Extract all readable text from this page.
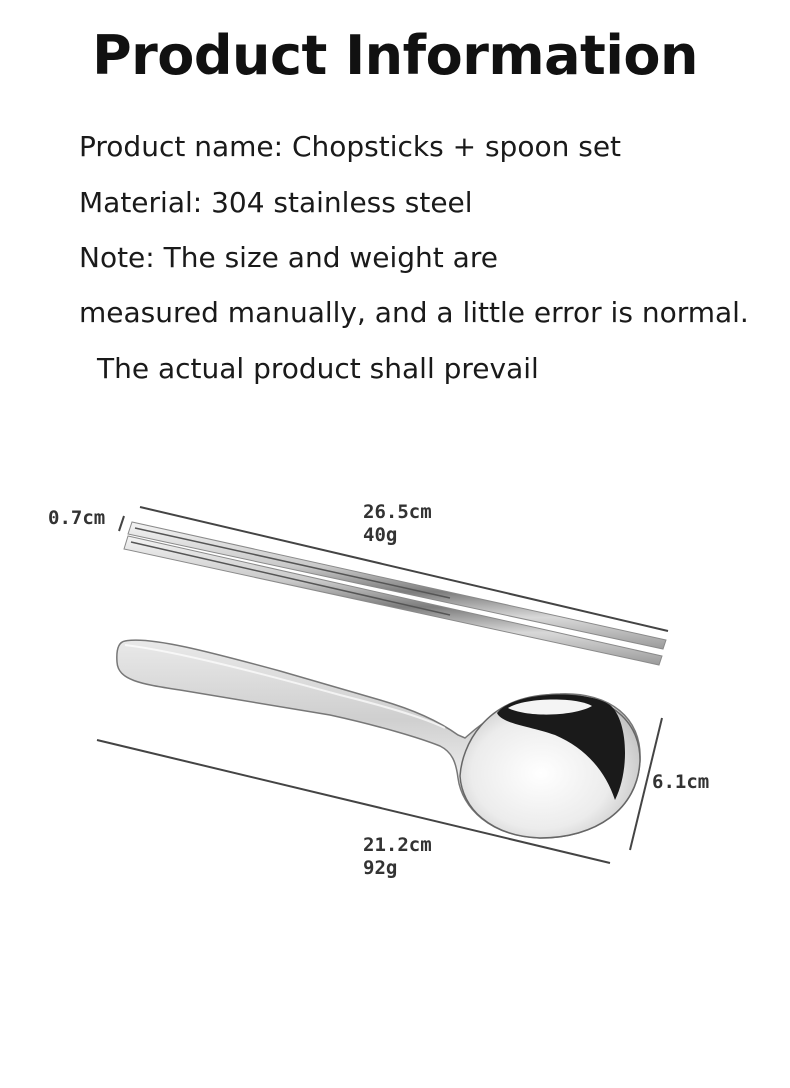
Product Information
Product name: Chopsticks + spoon set
Material: 304 stainless steel
Note: The size and weight are
measured manually, and a little error is normal.
The actual product shall prevail
0.7cm	26.5cm
40g
6.1cm
21.2cm
92g
